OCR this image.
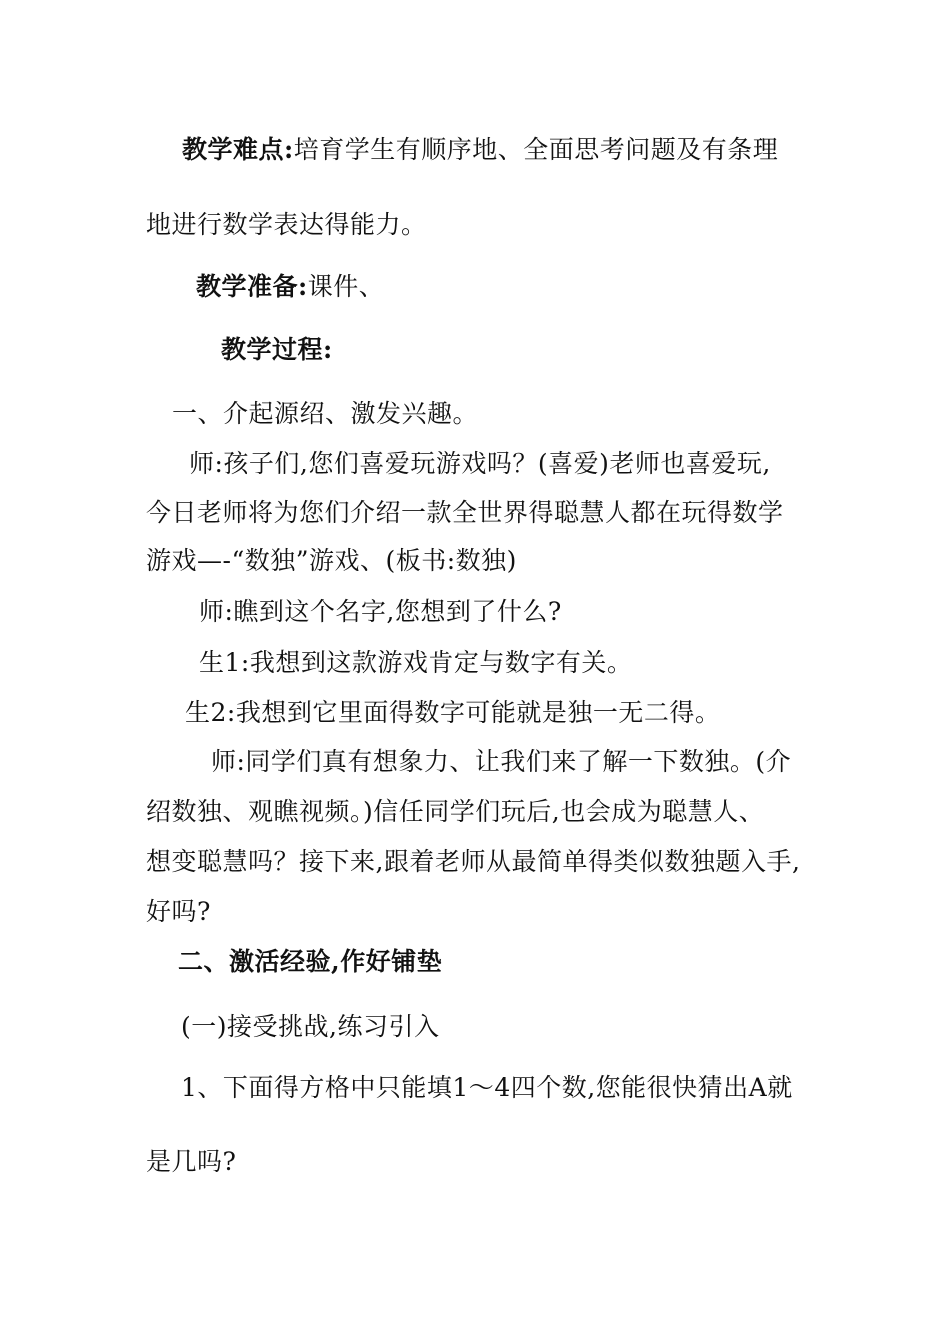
教学难点:培育学生有顺序地、全面思考问题及有条理
地进行数学表达得能力。
教学准备:课件、
教学过程:
一、介起源绍、激发兴趣。
师:孩子们,您们喜爱玩游戏吗？(喜爱)老师也喜爱玩,
今日老师将为您们介绍一款全世界得聪慧人都在玩得数学
游戏—-“数独”游戏、(板书:数独)
师:瞧到这个名字,您想到了什么?
生1:我想到这款游戏肯定与数字有关。
生2:我想到它里面得数字可能就是独一无二得。
师:同学们真有想象力、让我们来了解一下数独。(介
绍数独、观瞧视频。)信任同学们玩后,也会成为聪慧人、
想变聪慧吗？接下来,跟着老师从最简单得类似数独题入手,
好吗?
二、激活经验,作好铺垫
(一)接受挑战,练习引入
1、下面得方格中只能填1～4四个数,您能很快猜出A就
是几吗?
